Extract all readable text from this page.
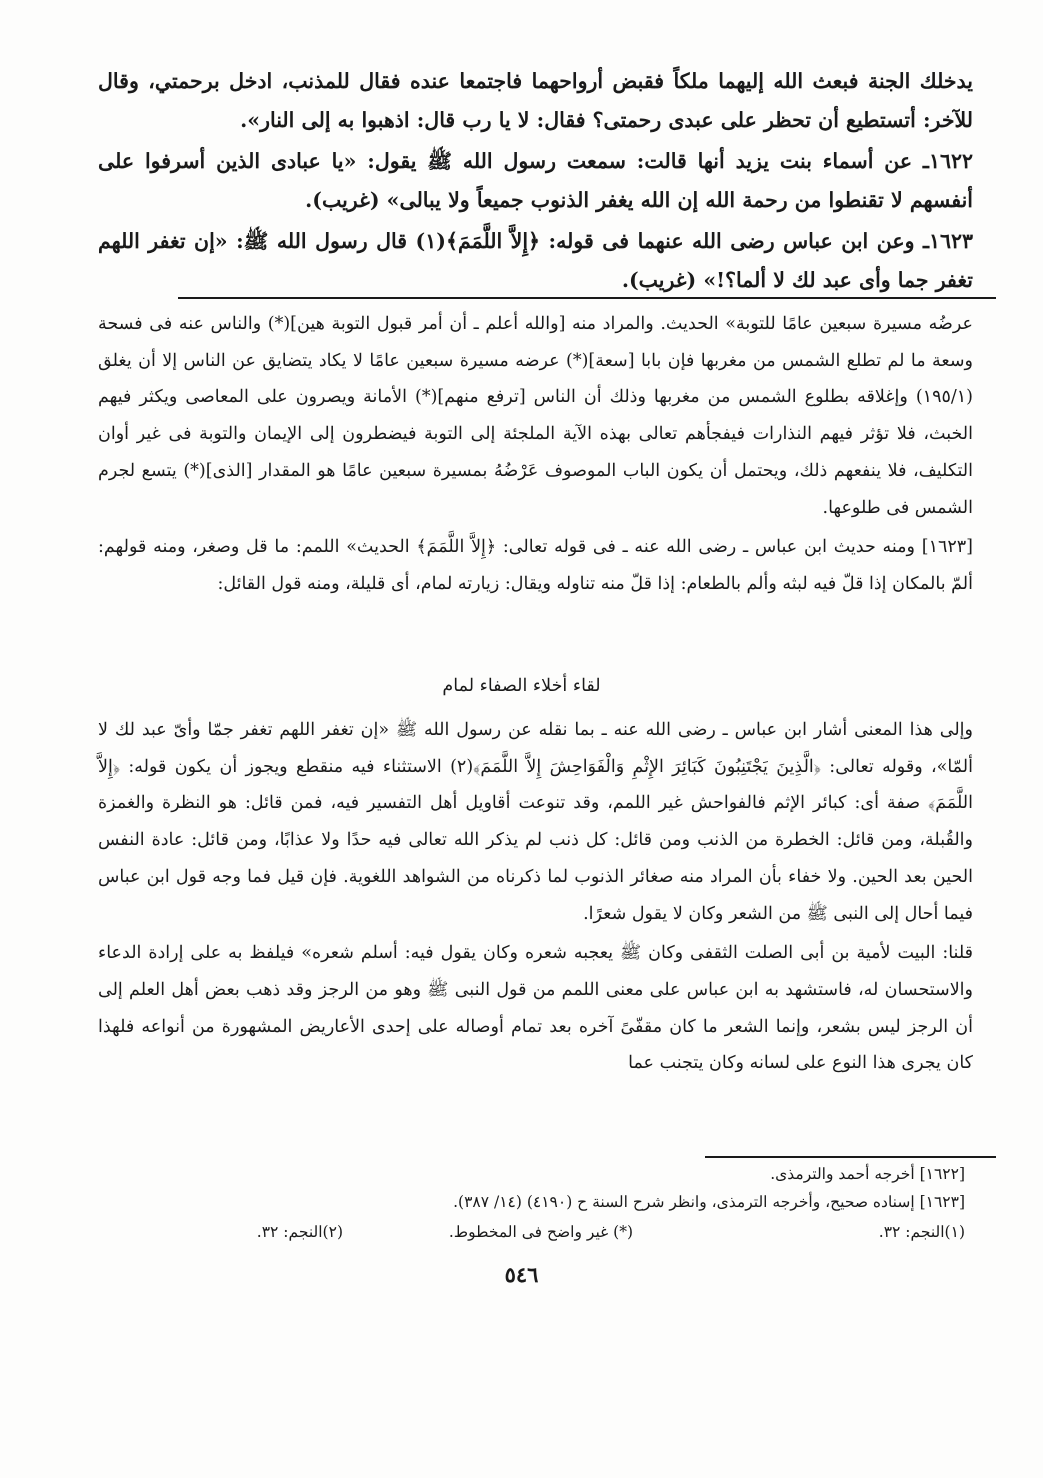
يدخلك الجنة فبعث الله إليهما ملكاً فقبض أرواحهما فاجتمعا عنده فقال للمذنب، ادخل برحمتي، وقال للآخر: أتستطيع أن تحظر على عبدى رحمتى؟ فقال: لا يا رب قال: اذهبوا به إلى النار».
١٦٢٢ـ عن أسماء بنت يزيد أنها قالت: سمعت رسول الله ﷺ يقول: «يا عبادى الذين أسرفوا على أنفسهم لا تقنطوا من رحمة الله إن الله يغفر الذنوب جميعاً ولا يبالى» (غريب).
١٦٢٣ـ وعن ابن عباس رضى الله عنهما فى قوله: ﴿إِلاَّ اللَّمَمَ﴾(١) قال رسول الله ﷺ: «إن تغفر اللهم تغفر جما وأى عبد لك لا ألما؟!» (غريب).
عرضُه مسيرة سبعين عامًا للتوبة» الحديث. والمراد منه [والله أعلم ـ أن أمر قبول التوبة هين](*) والناس عنه فى فسحة وسعة ما لم تطلع الشمس من مغربها فإن بابا [سعة](*) عرضه مسيرة سبعين عامًا لا يكاد يتضايق عن الناس إلا أن يغلق (١٩٥/١) وإغلاقه بطلوع الشمس من مغربها وذلك أن الناس [ترفع منهم](*) الأمانة ويصرون على المعاصى ويكثر فيهم الخبث، فلا تؤثر فيهم النذارات فيفجأهم تعالى بهذه الآية الملجئة إلى التوبة فيضطرون إلى الإيمان والتوبة فى غير أوان التكليف، فلا ينفعهم ذلك، ويحتمل أن يكون الباب الموصوف عَرْضُهُ بمسيرة سبعين عامًا هو المقدار [الذى](*) يتسع لجرم الشمس فى طلوعها.
[١٦٢٣] ومنه حديث ابن عباس ـ رضى الله عنه ـ فى قوله تعالى: ﴿إِلاَّ اللَّمَمَ﴾ الحديث» اللمم: ما قل وصغر، ومنه قولهم: ألمّ بالمكان إذا قلّ فيه لبثه وألم بالطعام: إذا قلّ منه تناوله ويقال: زيارته لمام، أى قليلة، ومنه قول القائل:
لقاء أخلاء الصفاء لمام
وإلى هذا المعنى أشار ابن عباس ـ رضى الله عنه ـ بما نقله عن رسول الله ﷺ «إن تغفر اللهم تغفر جمّا وأىّ عبد لك لا ألمّا»، وقوله تعالى: ﴿الَّذِينَ يَجْتَنِبُونَ كَبَائِرَ الإِثْمِ وَالْفَوَاحِشَ إِلاَّ اللَّمَمَ﴾(٢) الاستثناء فيه منقطع ويجوز أن يكون قوله: ﴿إِلاَّ اللَّمَمَ﴾ صفة أى: كبائر الإثم فالفواحش غير اللمم، وقد تنوعت أقاويل أهل التفسير فيه، فمن قائل: هو النظرة والغمزة والقُبلة، ومن قائل: الخطرة من الذنب ومن قائل: كل ذنب لم يذكر الله تعالى فيه حدًا ولا عذابًا، ومن قائل: عادة النفس الحين بعد الحين. ولا خفاء بأن المراد منه صغائر الذنوب لما ذكرناه من الشواهد اللغوية. فإن قيل فما وجه قول ابن عباس فيما أحال إلى النبى ﷺ من الشعر وكان لا يقول شعرًا.
قلنا: البيت لأمية بن أبى الصلت الثقفى وكان ﷺ يعجبه شعره وكان يقول فيه: أسلم شعره» فيلفظ به على إرادة الدعاء والاستحسان له، فاستشهد به ابن عباس على معنى اللمم من قول النبى ﷺ وهو من الرجز وقد ذهب بعض أهل العلم إلى أن الرجز ليس بشعر، وإنما الشعر ما كان مقفّىً آخره بعد تمام أوصاله على إحدى الأعاريض المشهورة من أنواعه فلهذا كان يجرى هذا النوع على لسانه وكان يتجنب عما
[١٦٢٢] أخرجه أحمد والترمذى.
[١٦٢٣] إسناده صحيح، وأخرجه الترمذى، وانظر شرح السنة ح (٤١٩٠) (١٤/ ٣٨٧).
(١)النجم: ٣٢.
(*) غير واضح فى المخطوط.
(٢)النجم: ٣٢.
٥٤٦
